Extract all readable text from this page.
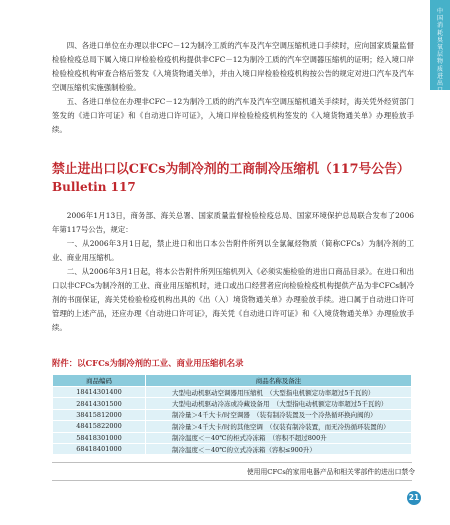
中国消耗臭氧层物质进出口管理

四、各进口单位在办理以非CFC－12为制冷工质的汽车及汽车空调压缩机进口手续时，应向国家质量监督检验检疫总局下属入境口岸检验检疫机构提供非CFC－12为制冷工质的汽车空调器压缩机的证明；经入境口岸检验检疫机构审查合格后签发《入境货物通关单》，并由入境口岸检验检疫机构按公告的规定对进口汽车及汽车空调压缩机实施强制检验。

五、各进口单位在办理非CFC－12为制冷工质的的汽车及汽车空调压缩机通关手续时，海关凭外经贸部门签发的《进口许可证》和《自动进口许可证》，入境口岸检验检疫机构签发的《入境货物通关单》办理验放手续。

禁止进出口以CFCs为制冷剂的工商制冷压缩机（117号公告）
Bulletin 117

2006年1月13日，商务部、海关总署、国家质量监督检验检疫总局、国家环境保护总局联合发布了2006年第117号公告，规定：

一、从2006年3月1日起，禁止进口和出口本公告附件所列以全氯氟烃物质（简称CFCs）为制冷剂的工业、商业用压缩机。

二、从2006年3月1日起，将本公告附件所列压缩机列入《必须实施检验的进出口商品目录》。在进口和出口以非CFCs为制冷剂的工业、商业用压缩机时，进口或出口经营者应向检验检疫机构提供产品为非CFCs制冷剂的书面保证，海关凭检验检疫机构出具的《出（入）境货物通关单》办理验放手续。进口属于自动进口许可管理的上述产品，还应办理《自动进口许可证》，海关凭《自动进口许可证》和《入境货物通关单》办理验放手续。

附件：以CFCs为制冷剂的工业、商业用压缩机名录
商品编码	商品名称及备注
18414301400	大型电动机驱动空调器用压缩机　（大型指电机额定功率超过5千瓦的）
28414301500	大型电动机驱动冷冻或冷藏设备用　（大型指电动机额定功率超过5千瓦的）
38415812000	制冷量＞4千大卡/时空调器　（装有制冷装置及一个冷热循环换向阀的）
48415822000	制冷量＞4千大卡/时的其他空调　（仅装有制冷装置，而无冷热循环装置的）
58418301000	制冷温度＜－40℃的柜式冷冻箱　（容积不超过800升
68418401000	制冷温度＜－40℃的立式冷冻箱（容积≤900升）
使用用CFCs的家用电器产品和相关零部件的进出口禁令
21
